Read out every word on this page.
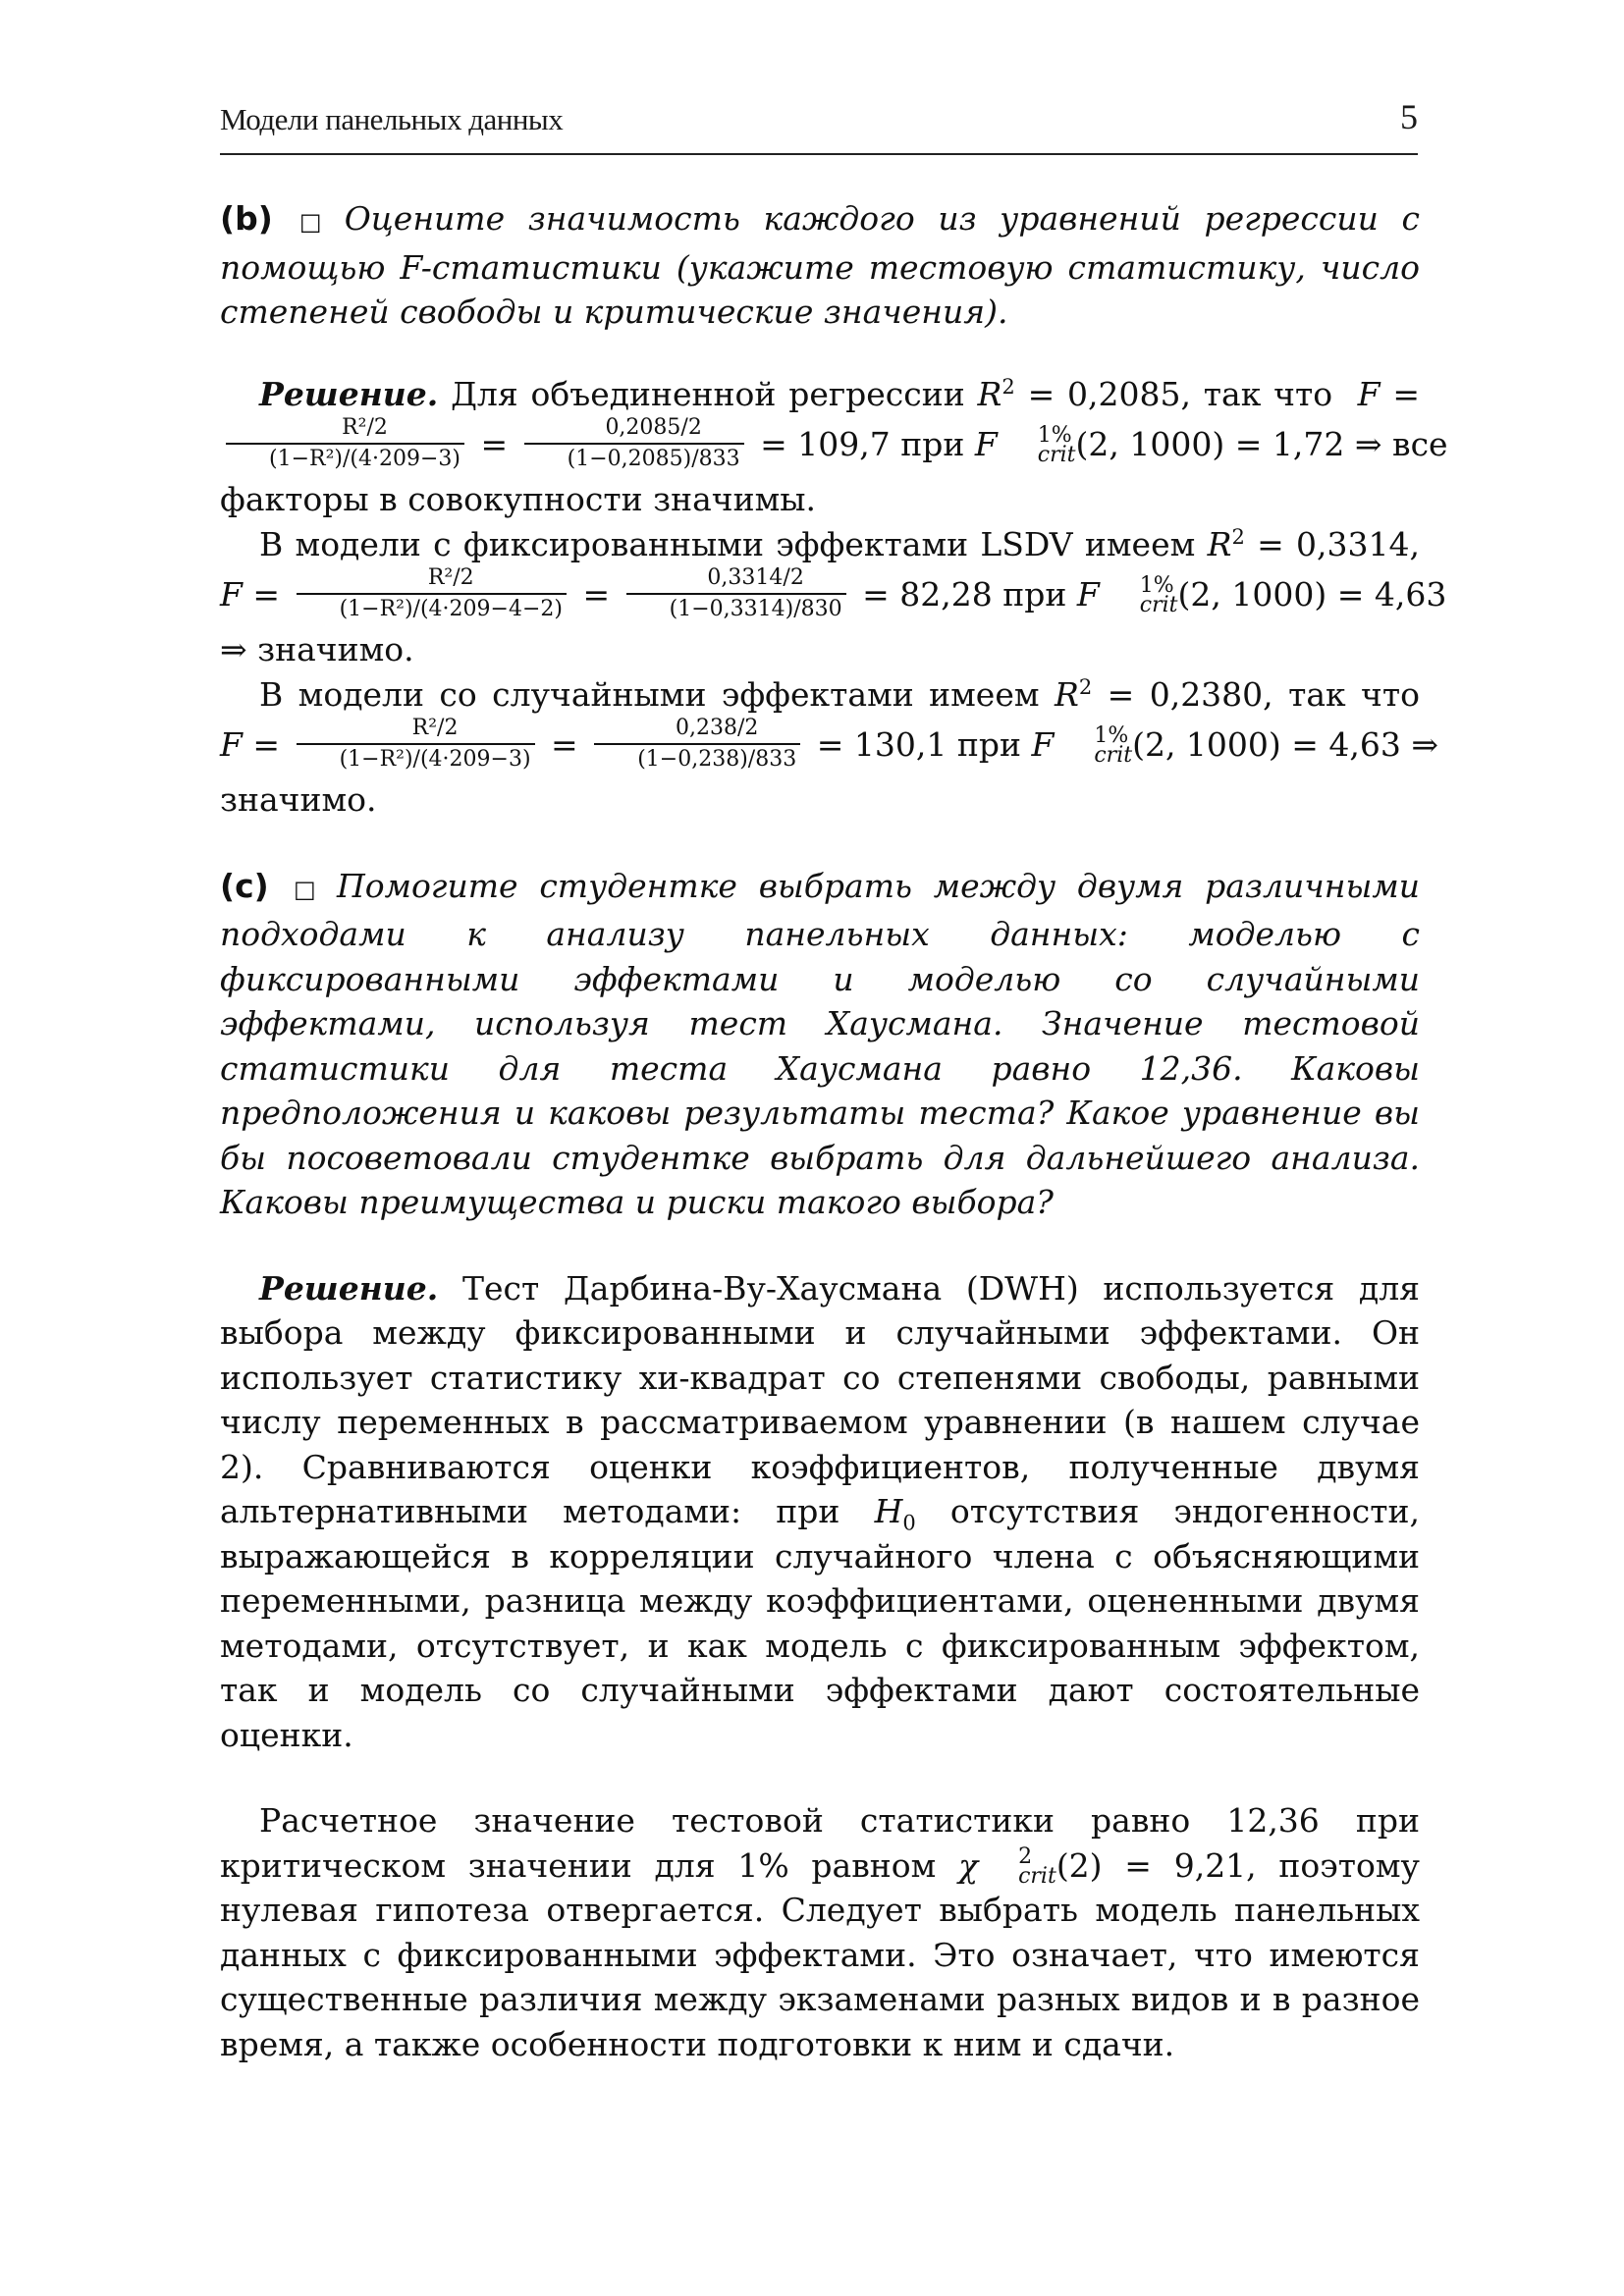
Модели панельных данных	5

(b) □ Оцените значимость каждого из уравнений регрессии с помощью F-статистики (укажите тестовую статистику, число степеней свободы и критические значения).

Решение. Для объединенной регрессии $R^2 = 0,2085$, так что F =
$\frac{\text{R²/2}}{\text{(1−R²)/(4·209−3)}} = \frac{0,2085/2}{(1-0,2085)/833} = 109,7$ при F	1%
crit (2, 1000) = 1,72 ⇒ все факторы в совокупности значимы.

В модели с фиксированными эффектами LSDV имеем $R^2 = 0,3314$, $F = \frac{\text{R²/2}}{\text{(1−R²)/(4·209−4−2)}} = \frac{0,3314/2}{(1-0,3314)/830} = 82,28$ при F	1%
crit (2, 1000) = 4,63 ⇒ значимо.

В модели со случайными эффектами имеем $R^2 = 0,2380$, так что $F = \frac{\text{R²/2}}{\text{(1−R²)/(4·209−3)}} = \frac{0,238/2}{(1-0,238)/833} = 130,1$ при F	1%
crit (2, 1000) = 4,63 ⇒ значимо.

(c) □ Помогите студентке выбрать между двумя различными подходами к анализу панельных данных: моделью с фиксированными эффектами и моделью со случайными эффектами, используя тест Хаусмана. Значение тестовой статистики для теста Хаусмана равно 12,36. Каковы предположения и каковы результаты теста? Какое уравнение вы бы посоветовали студентке выбрать для дальнейшего анализа. Каковы преимущества и риски такого выбора?

Решение. Тест Дарбина-Ву-Хаусмана (DWH) используется для выбора между фиксированными и случайными эффектами. Он использует статистику хи-квадрат со степенями свободы, равными числу переменных в рассматриваемом уравнении (в нашем случае 2). Сравниваются оценки коэффициентов, полученные двумя альтернативными методами: при $H_0$ отсутствия эндогенности, выражающейся в корреляции случайного члена с объясняющими переменными, разница между коэффициентами, оцененными двумя методами, отсутствует, и как модель с фиксированным эффектом, так и модель со случайными эффектами дают состоятельные оценки.

Расчетное значение тестовой статистики равно 12,36 при критическом значении для 1% равном χ	2
crit (2) = 9,21, поэтому нулевая гипотеза отвергается. Следует выбрать модель панельных данных с фиксированными эффектами. Это означает, что имеются существенные различия между экзаменами разных видов и в разное время, а также особенности подготовки к ним и сдачи.
